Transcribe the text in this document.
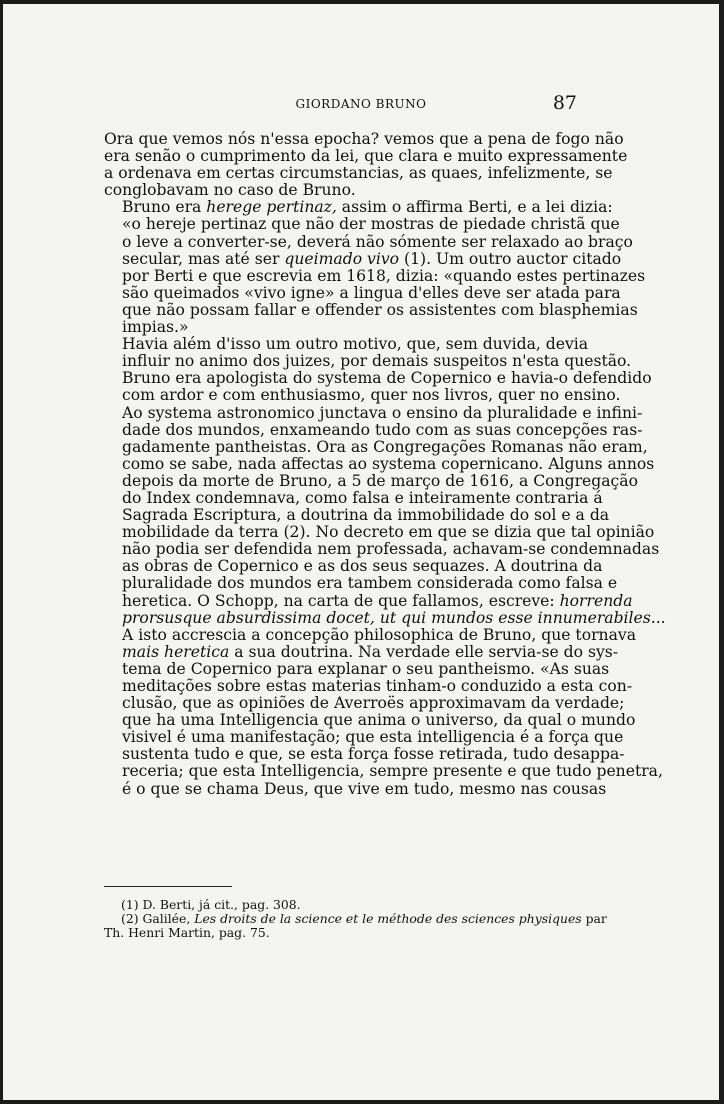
GIORDANO BRUNO	87

Ora que vemos nós n'essa epocha? vemos que a pena de fogo não
era senão o cumprimento da lei, que clara e muito expressamente
a ordenava em certas circumstancias, as quaes, infelizmente, se
conglobavam no caso de Bruno.

Bruno era herege pertinaz, assim o affirma Berti, e a lei dizia:
«o hereje pertinaz que não der mostras de piedade christã que
o leve a converter-se, deverá não sómente ser relaxado ao braço
secular, mas até ser queimado vivo (1). Um outro auctor citado
por Berti e que escrevia em 1618, dizia: «quando estes pertinazes
são queimados «vivo igne» a lingua d'elles deve ser atada para
que não possam fallar e offender os assistentes com blasphemias
impias.»

Havia além d'isso um outro motivo, que, sem duvida, devia
influir no animo dos juizes, por demais suspeitos n'esta questão.
Bruno era apologista do systema de Copernico e havia-o defendido
com ardor e com enthusiasmo, quer nos livros, quer no ensino.
Ao systema astronomico junctava o ensino da pluralidade e infini-
dade dos mundos, enxameando tudo com as suas concepções ras-
gadamente pantheistas. Ora as Congregações Romanas não eram,
como se sabe, nada affectas ao systema copernicano. Alguns annos
depois da morte de Bruno, a 5 de março de 1616, a Congregação
do Index condemnava, como falsa e inteiramente contraria á
Sagrada Escriptura, a doutrina da immobilidade do sol e a da
mobilidade da terra (2). No decreto em que se dizia que tal opinião
não podia ser defendida nem professada, achavam-se condemnadas
as obras de Copernico e as dos seus sequazes. A doutrina da
pluralidade dos mundos era tambem considerada como falsa e
heretica. O Schopp, na carta de que fallamos, escreve: horrenda
prorsusque absurdissima docet, ut qui mundos esse innumerabiles...

A isto accrescia a concepção philosophica de Bruno, que tornava
mais heretica a sua doutrina. Na verdade elle servia-se do sys-
tema de Copernico para explanar o seu pantheismo. «As suas
meditações sobre estas materias tinham-o conduzido a esta con-
clusão, que as opiniões de Averroës approximavam da verdade;
que ha uma Intelligencia que anima o universo, da qual o mundo
visivel é uma manifestação; que esta intelligencia é a força que
sustenta tudo e que, se esta força fosse retirada, tudo desappa-
receria; que esta Intelligencia, sempre presente e que tudo penetra,
é o que se chama Deus, que vive em tudo, mesmo nas cousas

(1) D. Berti, já cit., pag. 308.
(2) Galilée, Les droits de la science et le méthode des sciences physiques par
Th. Henri Martin, pag. 75.
